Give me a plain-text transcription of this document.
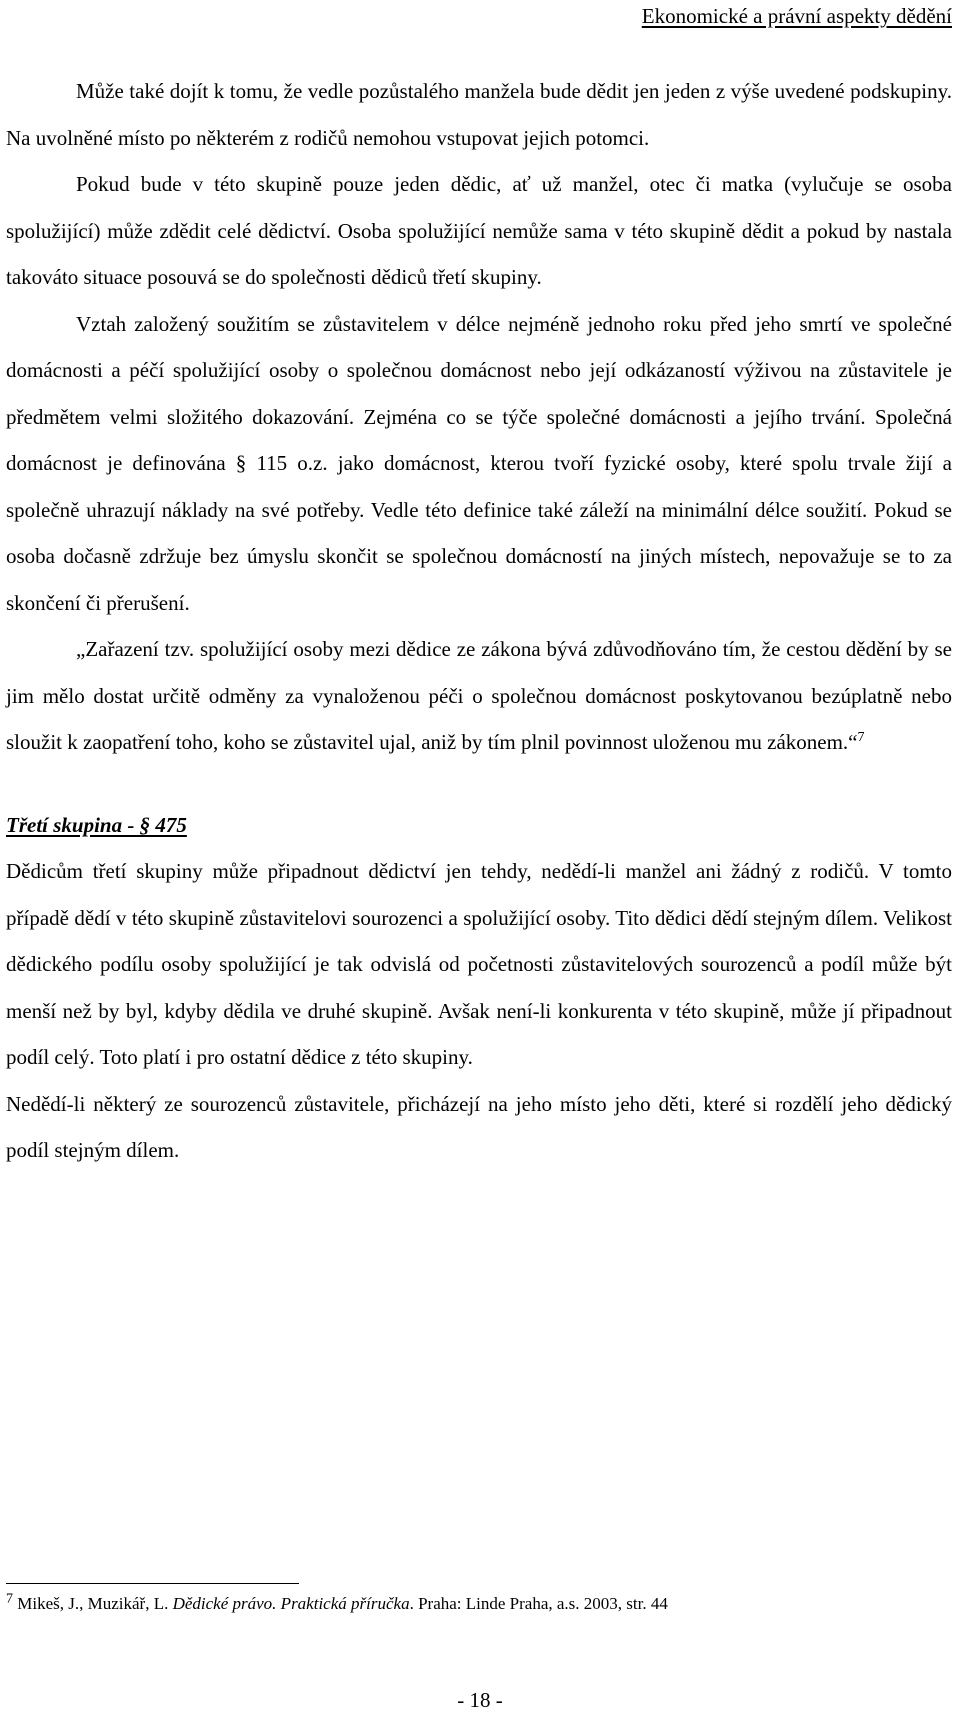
Ekonomické a právní aspekty dědění

Může také dojít k tomu, že vedle pozůstalého manžela bude dědit jen jeden z výše uvedené podskupiny. Na uvolněné místo po některém z rodičů nemohou vstupovat jejich potomci.

Pokud bude v této skupině pouze jeden dědic, ať už manžel, otec či matka (vylučuje se osoba spolužijící) může zdědit celé dědictví. Osoba spolužijící nemůže sama v této skupině dědit a pokud by nastala takováto situace posouvá se do společnosti dědiců třetí skupiny.

Vztah založený soužitím se zůstavitelem v délce nejméně jednoho roku před jeho smrtí ve společné domácnosti a péčí spolužijící osoby o společnou domácnost nebo její odkázaností výživou na zůstavitele je předmětem velmi složitého dokazování. Zejména co se týče společné domácnosti a jejího trvání. Společná domácnost je definována § 115 o.z. jako domácnost, kterou tvoří fyzické osoby, které spolu trvale žijí a společně uhrazují náklady na své potřeby. Vedle této definice také záleží na minimální délce soužití. Pokud se osoba dočasně zdržuje bez úmyslu skončit se společnou domácností na jiných místech, nepovažuje se to za skončení či přerušení.

„Zařazení tzv. spolužijící osoby mezi dědice ze zákona bývá zdůvodňováno tím, že cestou dědění by se jim mělo dostat určitě odměny za vynaloženou péči o společnou domácnost poskytovanou bezúplatně nebo sloužit k zaopatření toho, koho se zůstavitel ujal, aniž by tím plnil povinnost uloženou mu zákonem.“$^7$

Třetí skupina - § 475

Dědicům třetí skupiny může připadnout dědictví jen tehdy, nedědí-li manžel ani žádný z rodičů. V tomto případě dědí v této skupině zůstavitelovi sourozenci a spolužijící osoby. Tito dědici dědí stejným dílem. Velikost dědického podílu osoby spolužijící je tak odvislá od početnosti zůstavitelových sourozenců a podíl může být menší než by byl, kdyby dědila ve druhé skupině. Avšak není-li konkurenta v této skupině, může jí připadnout podíl celý. Toto platí i pro ostatní dědice z této skupiny.

Nedědí-li některý ze sourozenců zůstavitele, přicházejí na jeho místo jeho děti, které si rozdělí jeho dědický podíl stejným dílem.

$^7$ Mikeš, J., Muzikář, L. Dědické právo. Praktická příručka. Praha: Linde Praha, a.s. 2003, str. 44
- 18 -
